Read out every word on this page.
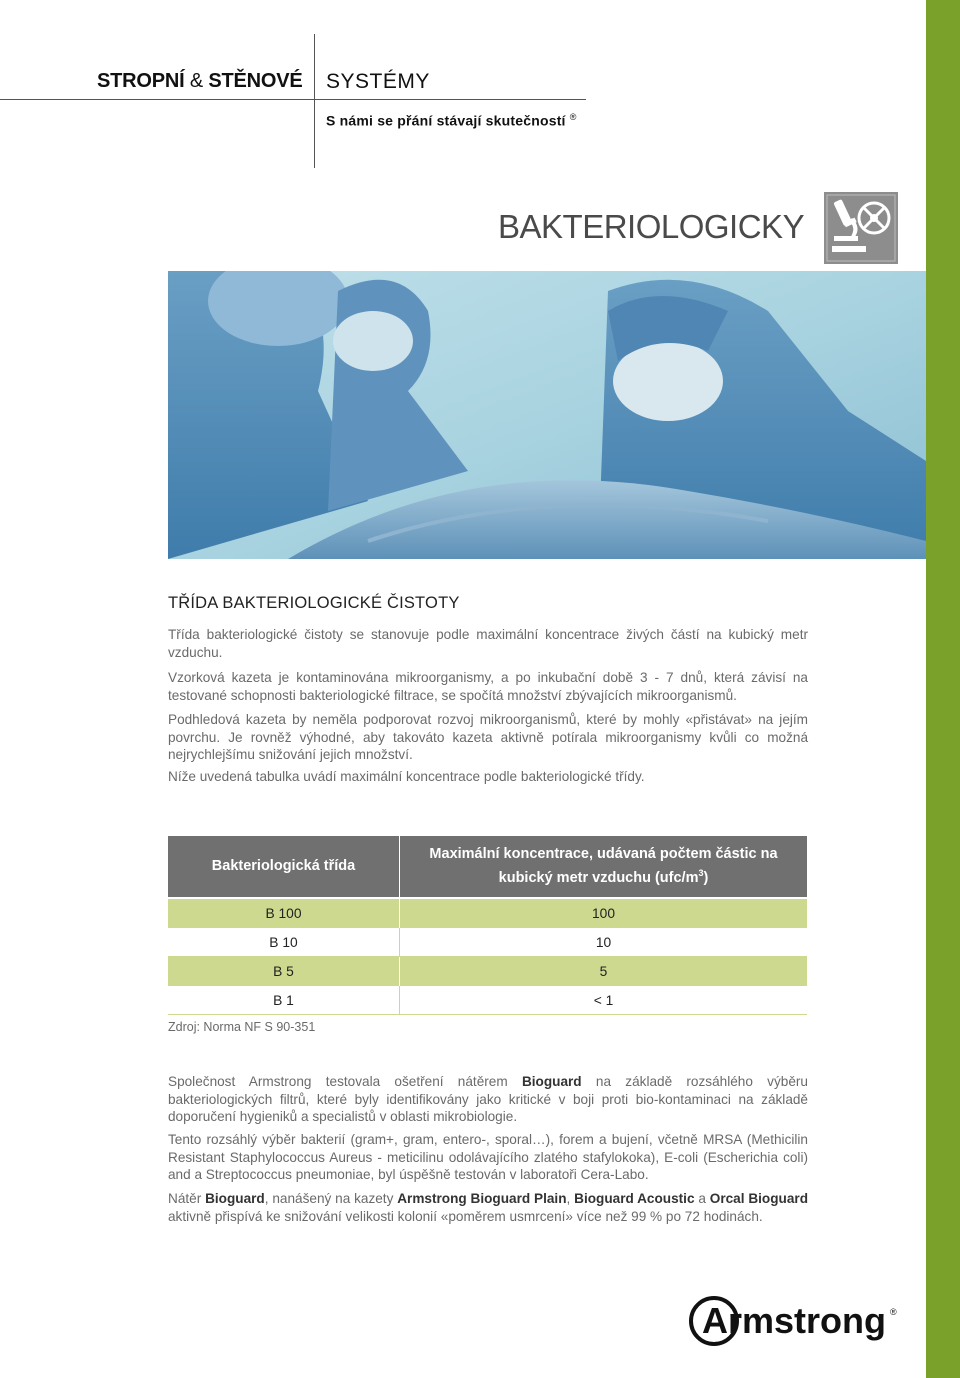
STROPNÍ & STĚNOVÉ SYSTÉMY
S námi se přání stávají skutečností ®
BAKTERIOLOGICKY
TŘÍDA BAKTERIOLOGICKÉ ČISTOTY

Třída bakteriologické čistoty se stanovuje podle maximální koncentrace živých částí na kubický metr vzduchu.

Vzorková kazeta je kontaminována mikroorganismy, a po inkubační době 3 - 7 dnů, která závisí na testované schopnosti bakteriologické filtrace, se spočítá množství zbývajících mikroorganismů.

Podhledová kazeta by neměla podporovat rozvoj mikroorganismů, které by mohly «přistávat» na jejím povrchu. Je rovněž výhodné, aby takováto kazeta aktivně potírala mikroorganismy kvůli co možná nejrychlejšímu snižování jejich množství.

Níže uvedená tabulka uvádí maximální koncentrace podle bakteriologické třídy.

Bakteriologická třída	Maximální koncentrace, udávaná počtem částic na
kubický metr vzduchu $(ufc/m^3)$

B 100	100
B 10	10
B 5	5
B 1	< 1
Zdroj: Norma NF S 90-351

Společnost Armstrong testovala ošetření nátěrem Bioguard na základě rozsáhlého výběru bakteriologických filtrů, které byly identifikovány jako kritické v boji proti bio-kontaminaci na základě doporučení hygieniků a specialistů v oblasti mikrobiologie.

Tento rozsáhlý výběr bakterií (gram+, gram, entero-, sporal…), forem a bujení, včetně MRSA (Methicilin Resistant Staphylococcus Aureus - meticilinu odolávajícího zlatého stafylokoka), E-coli (Escherichia coli) and a Streptococcus pneumoniae, byl úspěšně testován v laboratoři Cera-Labo.

Nátěr Bioguard, nanášený na kazety Armstrong Bioguard Plain, Bioguard Acoustic a Orcal Bioguard aktivně přispívá ke snižování velikosti kolonií «poměrem usmrcení» více než 99 % po 72 hodinách.

Armstrong ®
